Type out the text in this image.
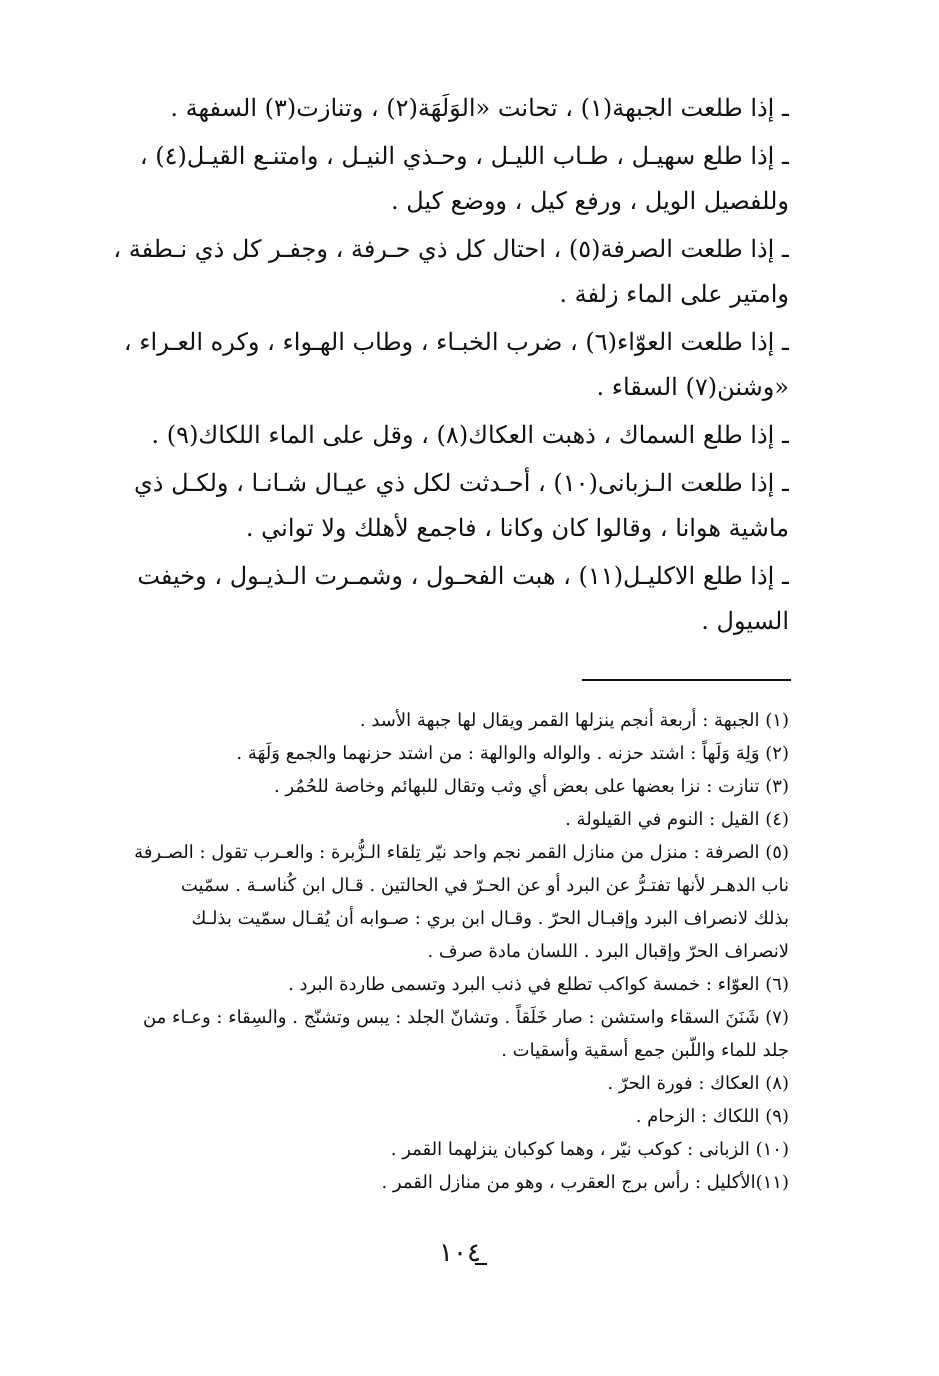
ـ إذا طلعت الجبهة(١) ، تحانت «الوَلَهَة(٢) ، وتنازت(٣) السفهة .
ـ إذا طلع سهيـل ، طـاب الليـل ، وحـذي النيـل ، وامتنـع القيـل(٤) ،
وللفصيل الويل ، ورفع كيل ، ووضع كيل .
ـ إذا طلعت الصرفة(٥) ، احتال كل ذي حـرفة ، وجفـر كل ذي نـطفة ،
وامتير على الماء زلفة .
ـ إذا طلعت العوّاء(٦) ، ضرب الخبـاء ، وطاب الهـواء ، وكره العـراء ،
«وشنن(٧) السقاء .
ـ إذا طلع السماك ، ذهبت العكاك(٨) ، وقل على الماء اللكاك(٩) .
ـ إذا طلعت الـزبانى(١٠) ، أحـدثت لكل ذي عيـال شـانـا ، ولكـل ذي
ماشية هوانا ، وقالوا كان وكانا ، فاجمع لأهلك ولا تواني .
ـ إذا طلع الاكليـل(١١) ، هبت الفحـول ، وشمـرت الـذيـول ، وخيفت
السيول .
(١) الجبهة : أربعة أنجم ينزلها القمر ويقال لها جبهة الأسد .
(٢) وَلِهَ وَلَهاً : اشتد حزنه . والواله والوالهة : من اشتد حزنهما والجمع وَلَهَة .
(٣) تنازت : نزا بعضها على بعض أي وثب وتقال للبهائم وخاصة للحُمُر .
(٤) القيل : النوم في القيلولة .
(٥) الصرفة : منزل من منازل القمر نجم واحد نيّر تِلقاء الـزُّبرة : والعـرب تقول : الصـرفة
ناب الدهـر لأنها تفتـرُّ عن البرد أو عن الحـرّ في الحالتين . قـال ابن كُناسـة . سمّيت
بذلك لانصراف البرد وإقبـال الحرّ . وقـال ابن بري : صـوابه أن يُقـال سمّيت بذلـك
لانصراف الحرّ وإقبال البرد . اللسان مادة صرف .
(٦) العوّاء : خمسة كواكب تطلع في ذنب البرد وتسمى طاردة البرد .
(٧) شَنَنَ السقاء واستشن : صار خَلَقاً . وتشانّ الجلد : يبس وتشنّج . والسِقاء : وعـاء من
جلد للماء واللّبن جمع أسقية وأسقيات .
(٨) العكاك : فورة الحرّ .
(٩) اللكاك : الزحام .
(١٠) الزبانى : كوكب نيّر ، وهما كوكبان ينزلهما القمر .
(١١)الأكليل : رأس برج العقرب ، وهو من منازل القمر .
١٠٤
